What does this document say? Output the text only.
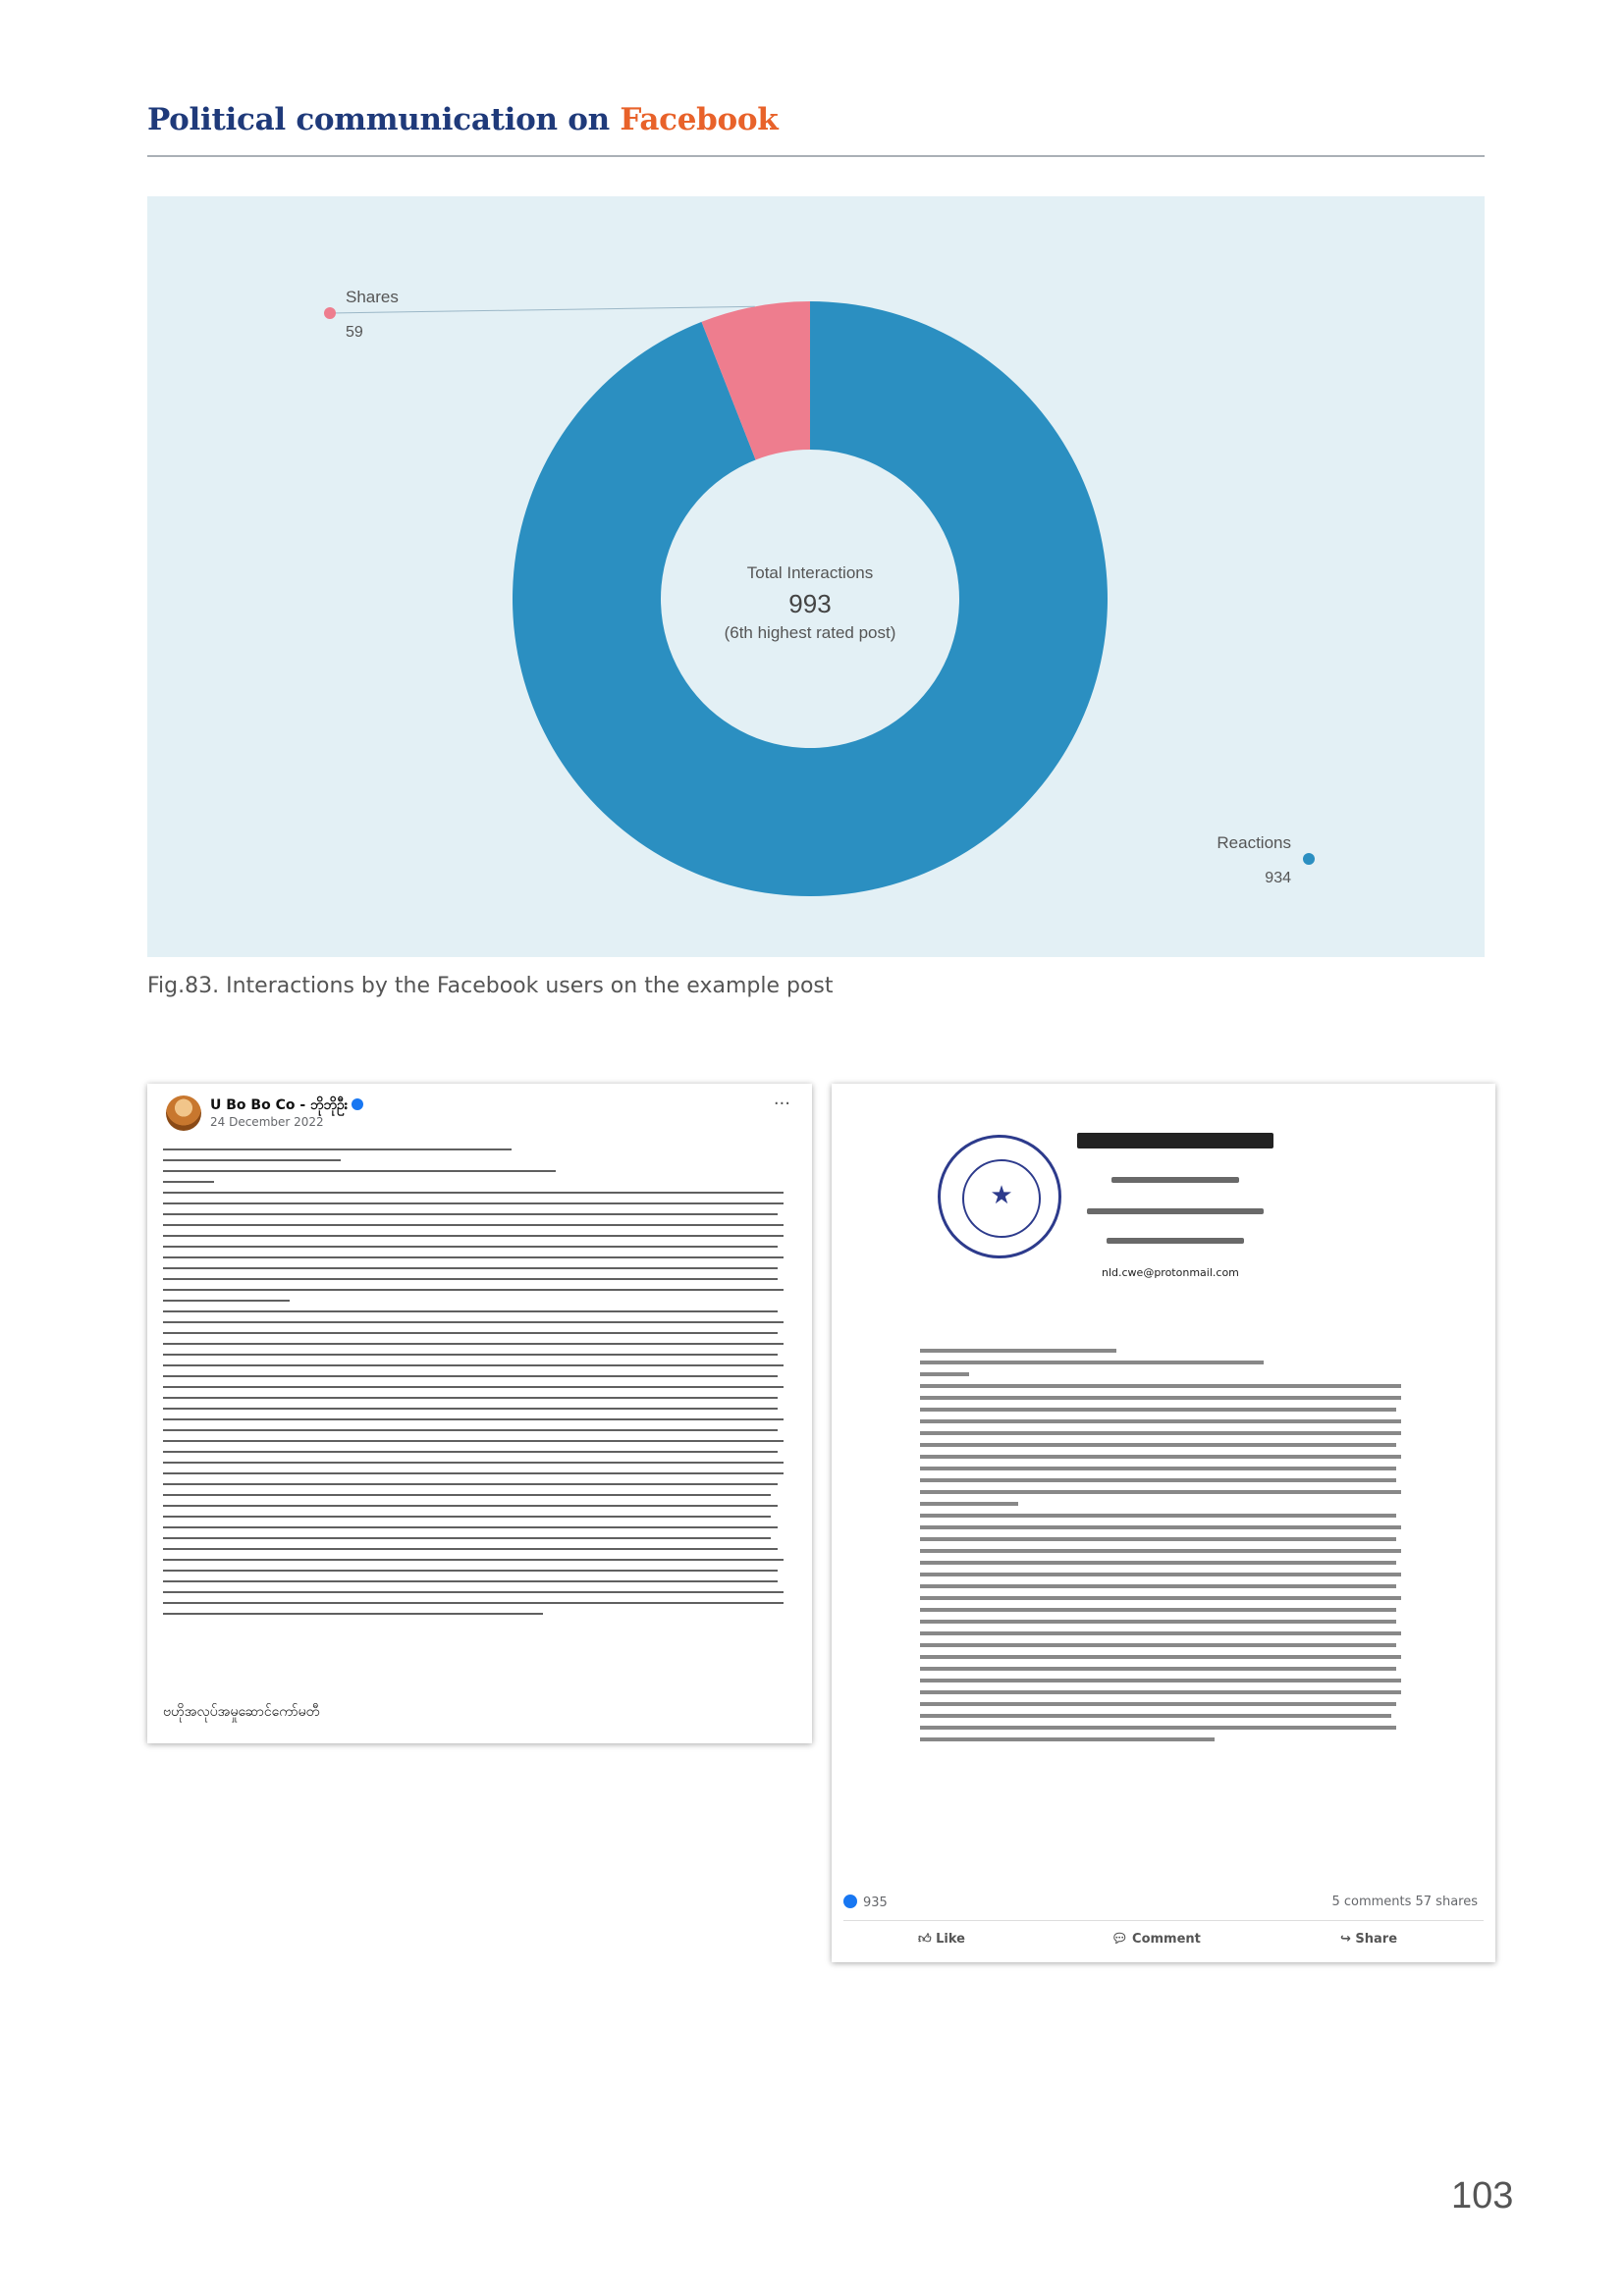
Political communication on Facebook
Shares
59
Reactions
934
Total Interactions
993
(6th highest rated post)

Fig.83. Interactions by the Facebook users on the example post

U Bo Bo Co - ဘိုဘိုဦး
24 December 2022
···
ဗဟိုအလုပ်အမှုဆောင်ကော်မတီ
★
nld.cwe@protonmail.com
935	5 comments 57 shares
👍︎ Like	💬︎ Comment	↪ Share
103
